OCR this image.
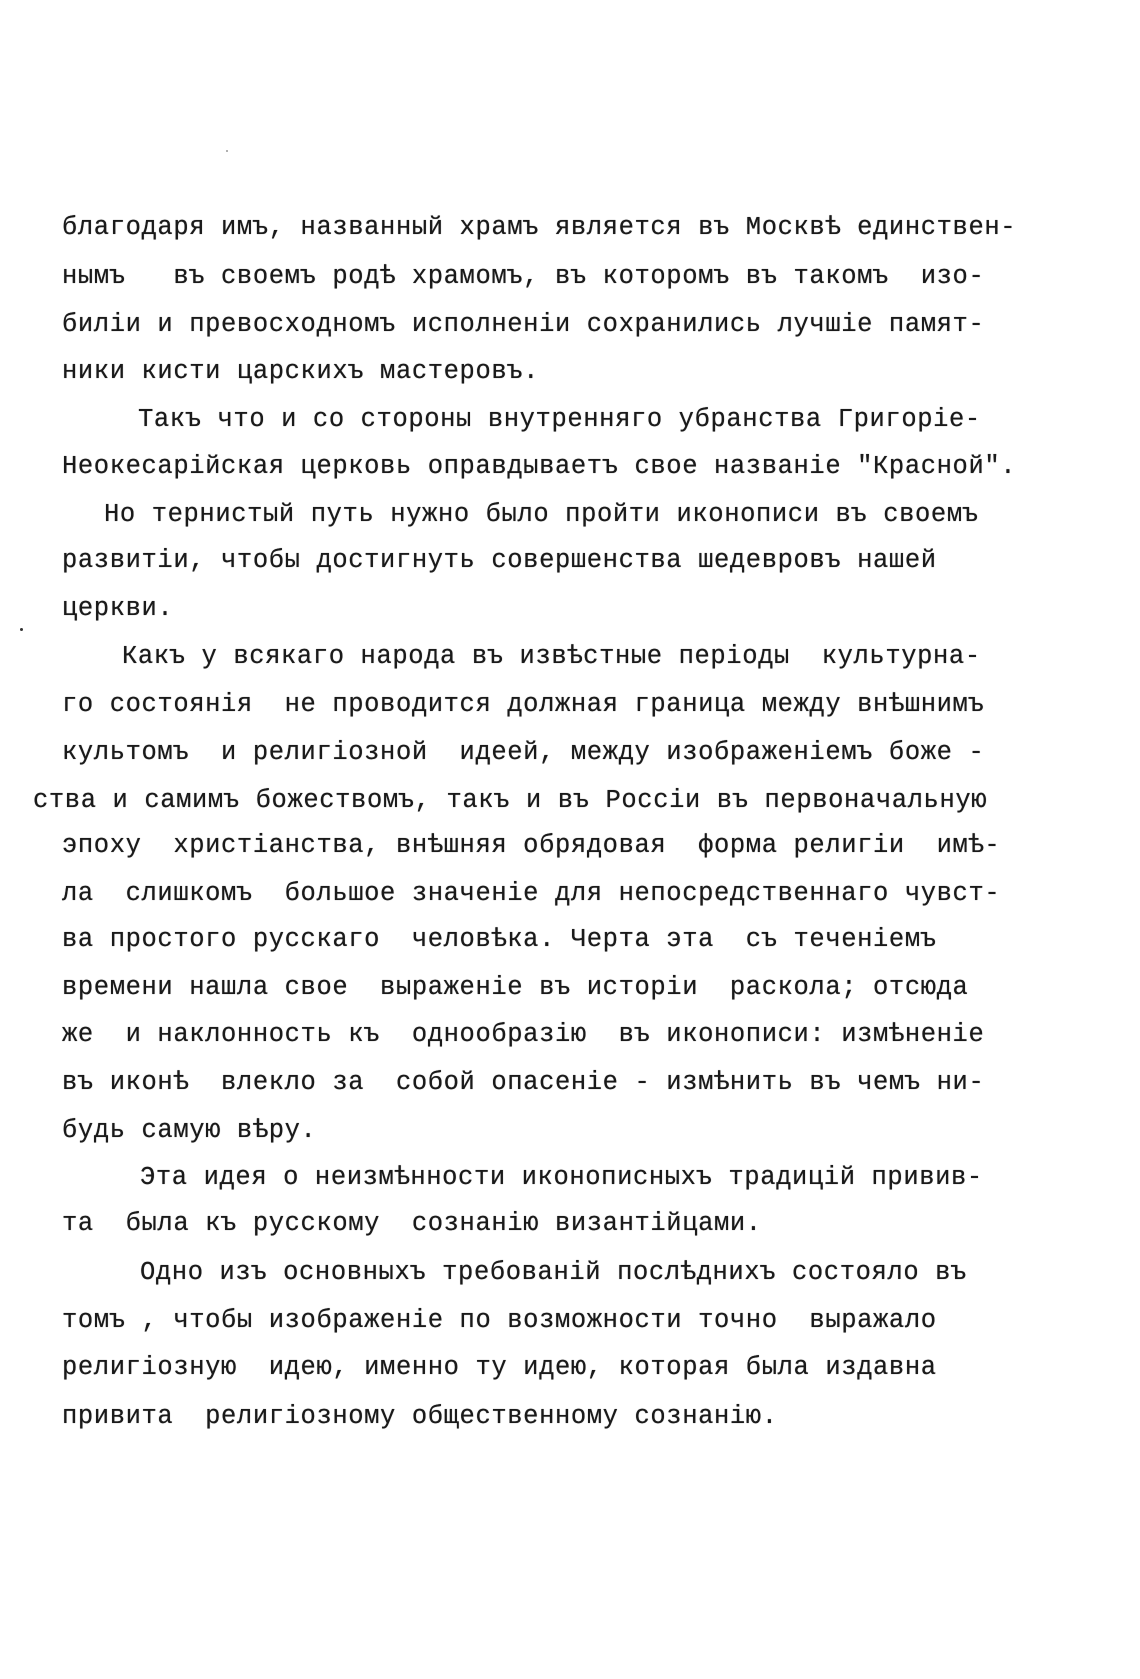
благодаря имъ, названный храмъ является въ Москвѣ единствен-
нымъ   въ своемъ родѣ храмомъ, въ которомъ въ такомъ  изо-
биліи и превосходномъ исполненіи сохранились лучшіе памят-
ники кисти царскихъ мастеровъ.
Такъ что и со стороны внутренняго убранства Григоріе-
Неокесарійская церковь оправдываетъ свое названіе "Красной".
Но тернистый путь нужно было пройти иконописи въ своемъ
развитіи, чтобы достигнуть совершенства шедевровъ нашей
церкви.
Какъ у всякаго народа въ извѣстные періоды  культурна-
го состоянія  не проводится должная граница между внѣшнимъ
культомъ  и религіозной  идеей, между изображеніемъ боже -
ства и самимъ божествомъ, такъ и въ Россіи въ первоначальную
эпоху  христіанства, внѣшняя обрядовая  форма религіи  имѣ-
ла  слишкомъ  большое значеніе для непосредственнаго чувст-
ва простого русскаго  человѣка. Черта эта  съ теченіемъ
времени нашла свое  выраженіе въ исторіи  раскола; отсюда
же  и наклонность къ  однообразію  въ иконописи: измѣненіе
въ иконѣ  влекло за  собой опасеніе - измѣнить въ чемъ ни-
будь самую вѣру.
Эта идея о неизмѣнности иконописныхъ традицій привив-
та  была къ русскому  сознанію византійцами.
Одно изъ основныхъ требованій послѣднихъ состояло въ
томъ , чтобы изображеніе по возможности точно  выражало
религіозную  идею, именно ту идею, которая была издавна
привита  религіозному общественному сознанію.
